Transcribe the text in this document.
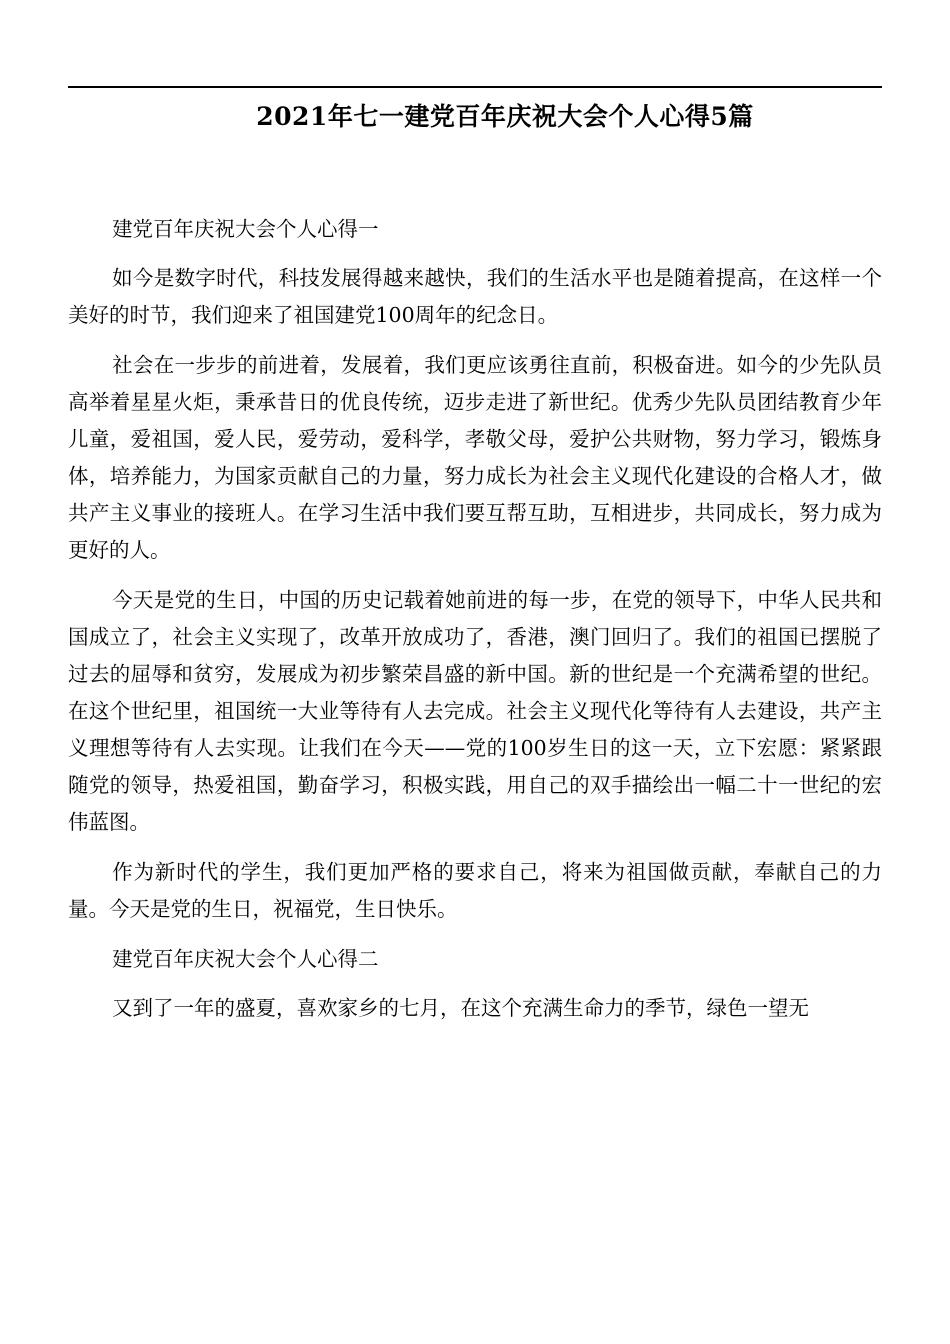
2021年七一建党百年庆祝大会个人心得5篇

建党百年庆祝大会个人心得一

如今是数字时代，科技发展得越来越快，我们的生活水平也是随着提高，在这样一个美好的时节，我们迎来了祖国建党100周年的纪念日。

社会在一步步的前进着，发展着，我们更应该勇往直前，积极奋进。如今的少先队员高举着星星火炬，秉承昔日的优良传统，迈步走进了新世纪。优秀少先队员团结教育少年儿童，爱祖国，爱人民，爱劳动，爱科学，孝敬父母，爱护公共财物，努力学习，锻炼身体，培养能力，为国家贡献自己的力量，努力成长为社会主义现代化建设的合格人才，做共产主义事业的接班人。在学习生活中我们要互帮互助，互相进步，共同成长，努力成为更好的人。

今天是党的生日，中国的历史记载着她前进的每一步，在党的领导下，中华人民共和国成立了，社会主义实现了，改革开放成功了，香港，澳门回归了。我们的祖国已摆脱了过去的屈辱和贫穷，发展成为初步繁荣昌盛的新中国。新的世纪是一个充满希望的世纪。在这个世纪里，祖国统一大业等待有人去完成。社会主义现代化等待有人去建设，共产主义理想等待有人去实现。让我们在今天——党的100岁生日的这一天，立下宏愿：紧紧跟随党的领导，热爱祖国，勤奋学习，积极实践，用自己的双手描绘出一幅二十一世纪的宏伟蓝图。

作为新时代的学生，我们更加严格的要求自己，将来为祖国做贡献，奉献自己的力量。今天是党的生日，祝福党，生日快乐。

建党百年庆祝大会个人心得二

又到了一年的盛夏，喜欢家乡的七月，在这个充满生命力的季节，绿色一望无
